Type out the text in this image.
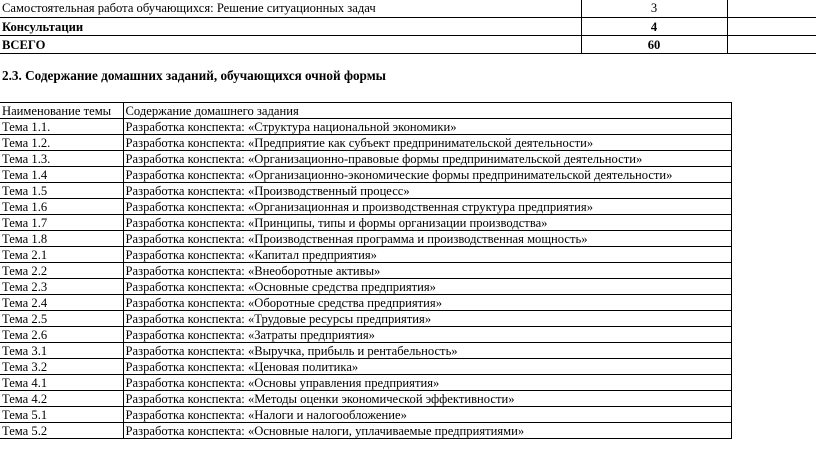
Самостоятельная работа обучающихся: Решение ситуационных задач	3	
Консультации	4	
ВСЕГО	60	

2.3. Содержание домашних заданий, обучающихся очной формы

Наименование темы	Содержание домашнего задания
Тема 1.1.	Разработка конспекта: «Структура национальной экономики»
Тема 1.2.	Разработка конспекта: «Предприятие как субъект предпринимательской деятельности»
Тема 1.3.	Разработка конспекта: «Организационно-правовые формы предпринимательской деятельности»
Тема 1.4	Разработка конспекта: «Организационно-экономические формы предпринимательской деятельности»
Тема 1.5	Разработка конспекта: «Производственный процесс»
Тема 1.6	Разработка конспекта: «Организационная и производственная структура предприятия»
Тема 1.7	Разработка конспекта: «Принципы, типы и формы организации производства»
Тема 1.8	Разработка конспекта: «Производственная программа и производственная мощность»
Тема 2.1	Разработка конспекта: «Капитал предприятия»
Тема 2.2	Разработка конспекта: «Внеоборотные активы»
Тема 2.3	Разработка конспекта: «Основные средства предприятия»
Тема 2.4	Разработка конспекта: «Оборотные средства предприятия»
Тема 2.5	Разработка конспекта: «Трудовые ресурсы предприятия»
Тема 2.6	Разработка конспекта: «Затраты предприятия»
Тема 3.1	Разработка конспекта: «Выручка, прибыль и рентабельность»
Тема 3.2	Разработка конспекта: «Ценовая политика»
Тема 4.1	Разработка конспекта: «Основы управления предприятия»
Тема 4.2	Разработка конспекта: «Методы оценки экономической эффективности»
Тема 5.1	Разработка конспекта: «Налоги и налогообложение»
Тема 5.2	Разработка конспекта: «Основные налоги, уплачиваемые предприятиями»
